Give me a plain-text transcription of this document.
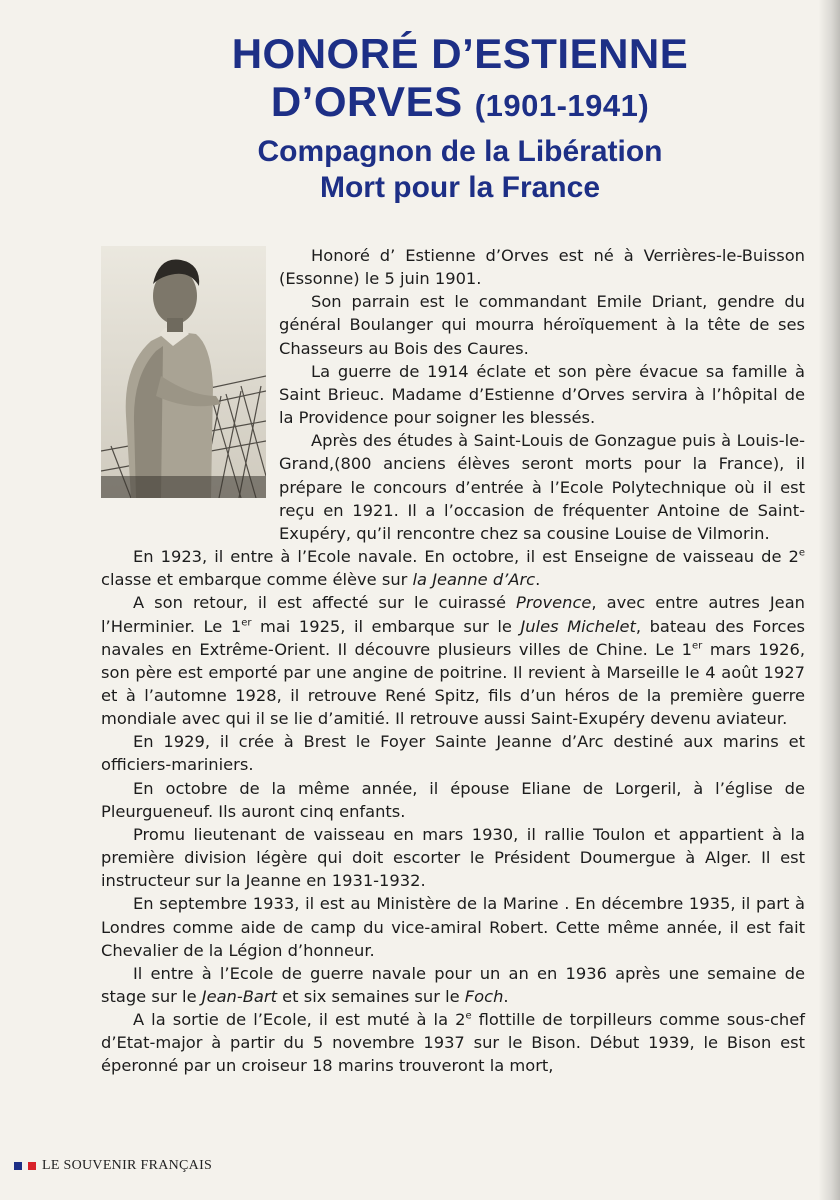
HONORÉ D’ESTIENNE
D’ORVES (1901-1941)
Compagnon de la Libération
Mort pour la France

Honoré d’ Estienne d’Orves est né à Verrières-le-Buisson (Essonne) le 5 juin 1901.

Son parrain est le commandant Emile Driant, gendre du général Boulanger qui mourra héroïquement à la tête de ses Chasseurs au Bois des Caures.

La guerre de 1914 éclate et son père évacue sa famille à Saint Brieuc. Madame d’Estienne d’Orves servira à l’hôpital de la Providence pour soigner les blessés.

Après des études à Saint-Louis de Gonzague puis à Louis-le-Grand,(800 anciens élèves seront morts pour la France), il prépare le concours d’entrée à l’Ecole Polytechnique où il est reçu en 1921. Il a l’occasion de fréquenter Antoine de Saint-Exupéry, qu’il rencontre chez sa cousine Louise de Vilmorin.

En 1923, il entre à l’Ecole navale. En octobre, il est Enseigne de vaisseau de 2e classe et embarque comme élève sur la Jeanne d’Arc.

A son retour, il est affecté sur le cuirassé Provence, avec entre autres Jean l’Herminier. Le 1er mai 1925, il embarque sur le Jules Michelet, bateau des Forces navales en Extrême-Orient. Il découvre plusieurs villes de Chine. Le 1er mars 1926, son père est emporté par une angine de poitrine. Il revient à Marseille le 4 août 1927 et à l’automne 1928, il retrouve René Spitz, fils d’un héros de la première guerre mondiale avec qui il se lie d’amitié. Il retrouve aussi Saint-Exupéry devenu aviateur.

En 1929, il crée à Brest le Foyer Sainte Jeanne d’Arc destiné aux marins et officiers-mariniers.

En octobre de la même année, il épouse Eliane de Lorgeril, à l’église de Pleurgueneuf. Ils auront cinq enfants.

Promu lieutenant de vaisseau en mars 1930, il rallie Toulon et appartient à la première division légère qui doit escorter le Président Doumergue à Alger. Il est instructeur sur la Jeanne en 1931-1932.

En septembre 1933, il est au Ministère de la Marine . En décembre 1935, il part à Londres comme aide de camp du vice-amiral Robert. Cette même année, il est fait Chevalier de la Légion d’honneur.

Il entre à l’Ecole de guerre navale pour un an en 1936 après une semaine de stage sur le Jean-Bart et six semaines sur le Foch.

A la sortie de l’Ecole, il est muté à la 2e flottille de torpilleurs comme sous-chef d’Etat-major à partir du 5 novembre 1937 sur le Bison. Début 1939, le Bison est éperonné par un croiseur 18 marins trouveront la mort,

LE SOUVENIR FRANÇAIS
